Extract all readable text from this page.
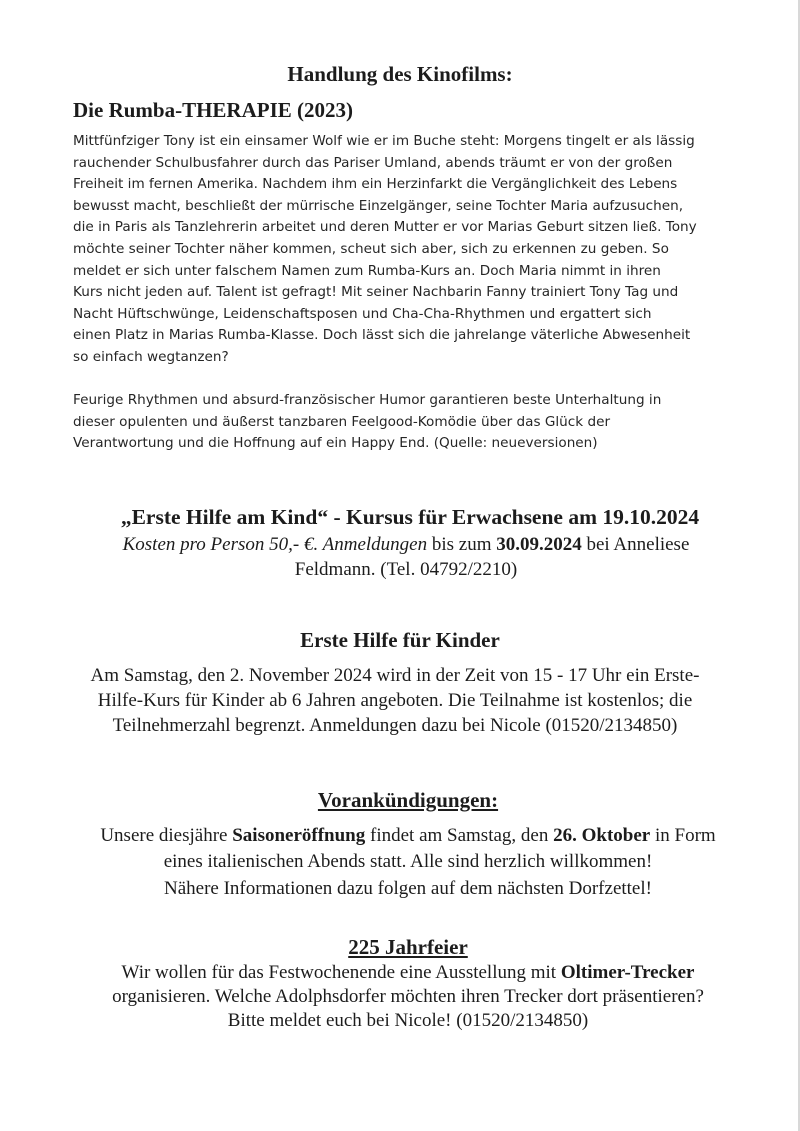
Handlung des Kinofilms:
Die Rumba-THERAPIE (2023)
Mittfünfziger Tony ist ein einsamer Wolf wie er im Buche steht: Morgens tingelt er als lässig
rauchender Schulbusfahrer durch das Pariser Umland, abends träumt er von der großen
Freiheit im fernen Amerika. Nachdem ihm ein Herzinfarkt die Vergänglichkeit des Lebens
bewusst macht, beschließt der mürrische Einzelgänger, seine Tochter Maria aufzusuchen,
die in Paris als Tanzlehrerin arbeitet und deren Mutter er vor Marias Geburt sitzen ließ. Tony
möchte seiner Tochter näher kommen, scheut sich aber, sich zu erkennen zu geben. So
meldet er sich unter falschem Namen zum Rumba-Kurs an. Doch Maria nimmt in ihren
Kurs nicht jeden auf. Talent ist gefragt! Mit seiner Nachbarin Fanny trainiert Tony Tag und
Nacht Hüftschwünge, Leidenschaftsposen und Cha-Cha-Rhythmen und ergattert sich
einen Platz in Marias Rumba-Klasse. Doch lässt sich die jahrelange väterliche Abwesenheit
so einfach wegtanzen?
Feurige Rhythmen und absurd-französischer Humor garantieren beste Unterhaltung in
dieser opulenten und äußerst tanzbaren Feelgood-Komödie über das Glück der
Verantwortung und die Hoffnung auf ein Happy End. (Quelle: neueversionen)
„Erste Hilfe am Kind“ - Kursus für Erwachsene am 19.10.2024
Kosten pro Person 50,- €. Anmeldungen bis zum 30.09.2024 bei Anneliese
Feldmann. (Tel. 04792/2210)
Erste Hilfe für Kinder
Am Samstag, den 2. November 2024 wird in der Zeit von 15 - 17 Uhr ein Erste-
Hilfe-Kurs für Kinder ab 6 Jahren angeboten. Die Teilnahme ist kostenlos; die
Teilnehmerzahl begrenzt. Anmeldungen dazu bei Nicole (01520/2134850)
Vorankündigungen:
Unsere diesjähre Saisoneröffnung findet am Samstag, den 26. Oktober in Form
eines italienischen Abends statt. Alle sind herzlich willkommen!
Nähere Informationen dazu folgen auf dem nächsten Dorfzettel!
225 Jahrfeier
Wir wollen für das Festwochenende eine Ausstellung mit Oltimer-Trecker
organisieren. Welche Adolphsdorfer möchten ihren Trecker dort präsentieren?
Bitte meldet euch bei Nicole! (01520/2134850)
